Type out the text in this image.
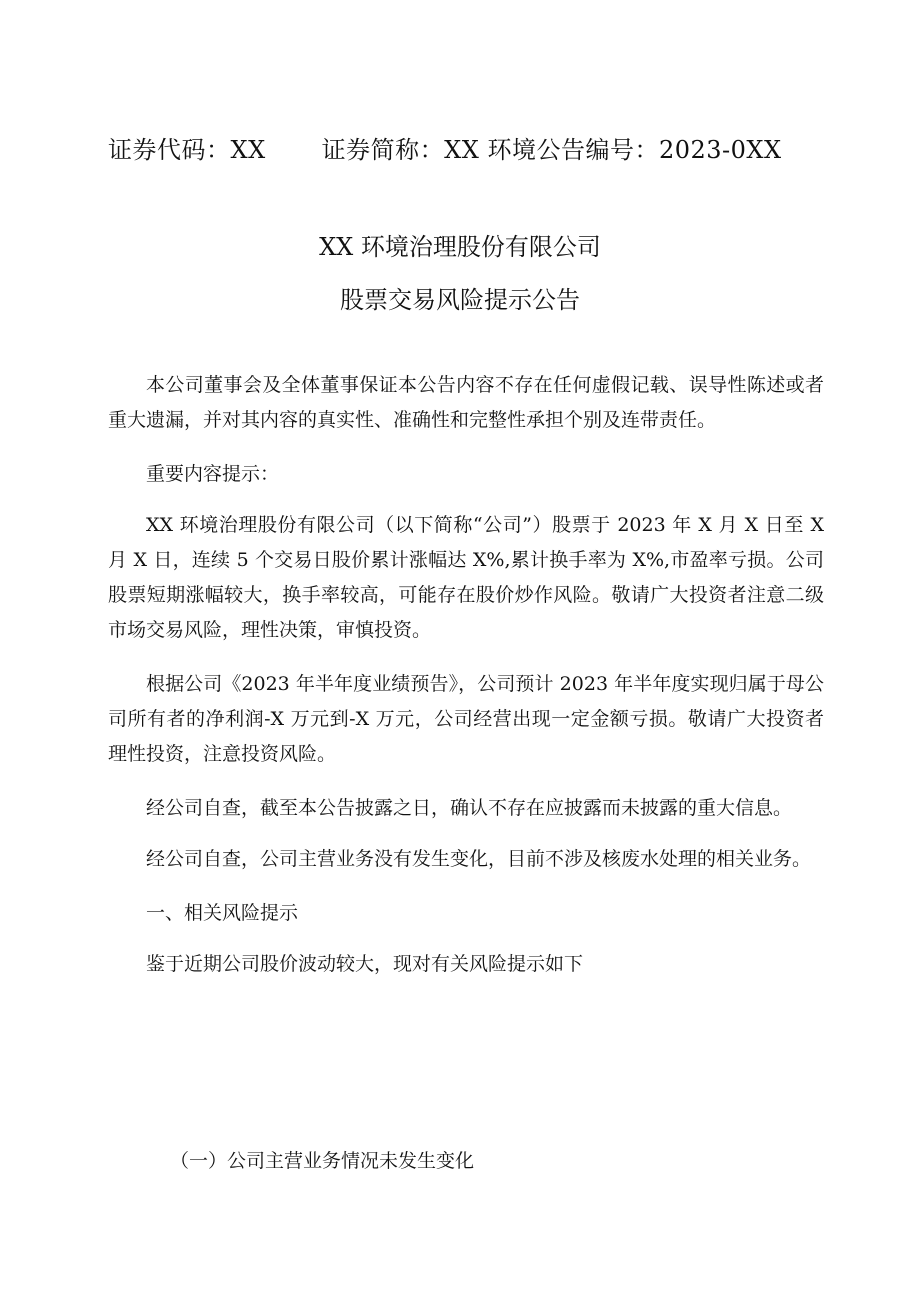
证券代码：XX 证券简称：XX 环境公告编号：2023-0XX
XX 环境治理股份有限公司
股票交易风险提示公告

本公司董事会及全体董事保证本公告内容不存在任何虚假记载、误导性陈述或者重大遗漏，并对其内容的真实性、准确性和完整性承担个别及连带责任。

重要内容提示：

XX 环境治理股份有限公司（以下简称“公司”）股票于 2023 年 X 月 X 日至 X 月 X 日，连续 5 个交易日股价累计涨幅达 X%,累计换手率为 X%,市盈率亏损。公司股票短期涨幅较大，换手率较高，可能存在股价炒作风险。敬请广大投资者注意二级市场交易风险，理性决策，审慎投资。

根据公司《2023 年半年度业绩预告》，公司预计 2023 年半年度实现归属于母公司所有者的净利润-X 万元到-X 万元，公司经营出现一定金额亏损。敬请广大投资者理性投资，注意投资风险。

经公司自查，截至本公告披露之日，确认不存在应披露而未披露的重大信息。

经公司自查，公司主营业务没有发生变化，目前不涉及核废水处理的相关业务。

一、相关风险提示

鉴于近期公司股价波动较大，现对有关风险提示如下

（一）公司主营业务情况未发生变化
